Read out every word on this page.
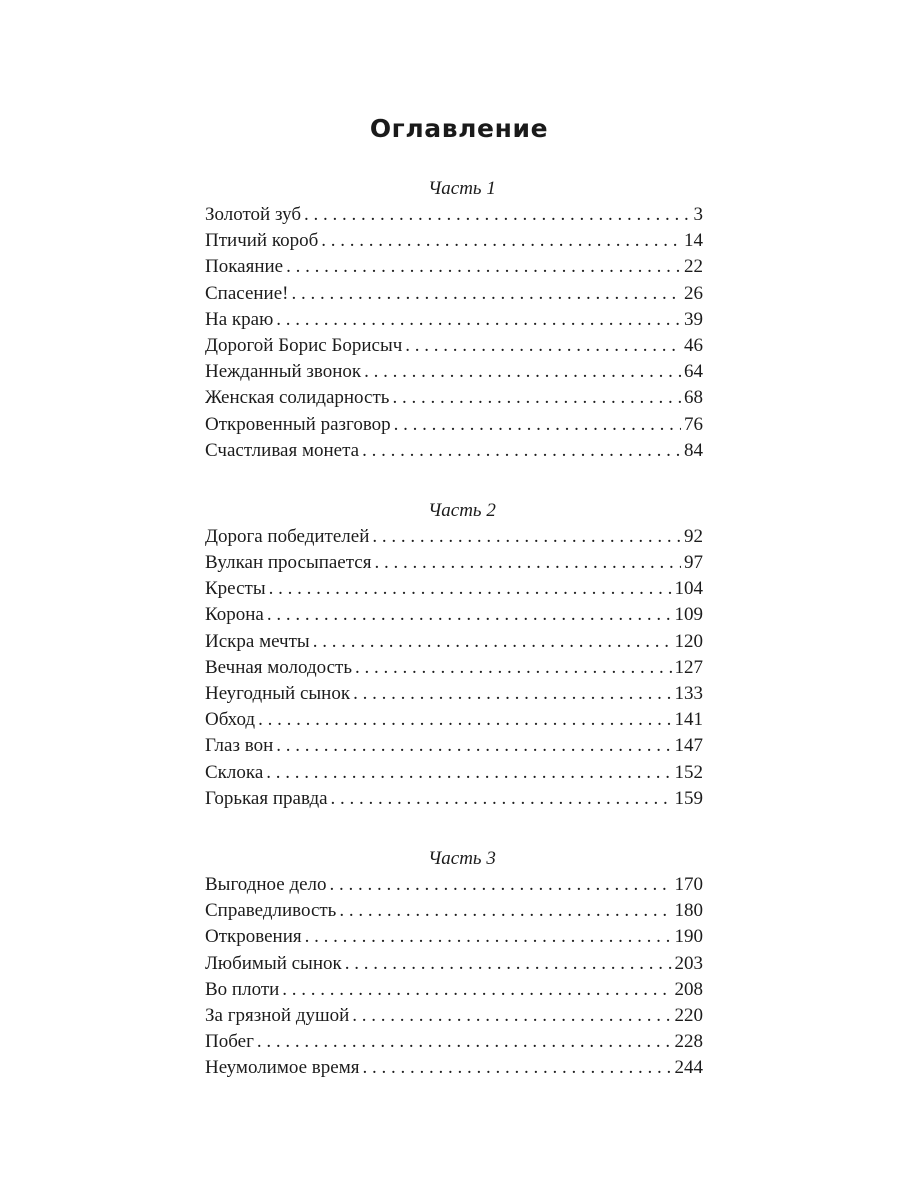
Оглавление
Часть 1
Золотой зуб . . .	3
Птичий короб . . .	14
Покаяние . . .	22
Спасение! . . .	26
На краю . . .	39
Дорогой Борис Борисыч . . .	46
Нежданный звонок . . .	64
Женская солидарность . . .	68
Откровенный разговор . . .	76
Счастливая монета . . .	84
Часть 2
Дорога победителей . . .	92
Вулкан просыпается . . .	97
Кресты . . .	104
Корона . . .	109
Искра мечты . . .	120
Вечная молодость . . .	127
Неугодный сынок . . .	133
Обход . . .	141
Глаз вон . . .	147
Склока . . .	152
Горькая правда . . .	159
Часть 3
Выгодное дело . . .	170
Справедливость . . .	180
Откровения . . .	190
Любимый сынок . . .	203
Во плоти . . .	208
За грязной душой . . .	220
Побег . . .	228
Неумолимое время . . .	244
